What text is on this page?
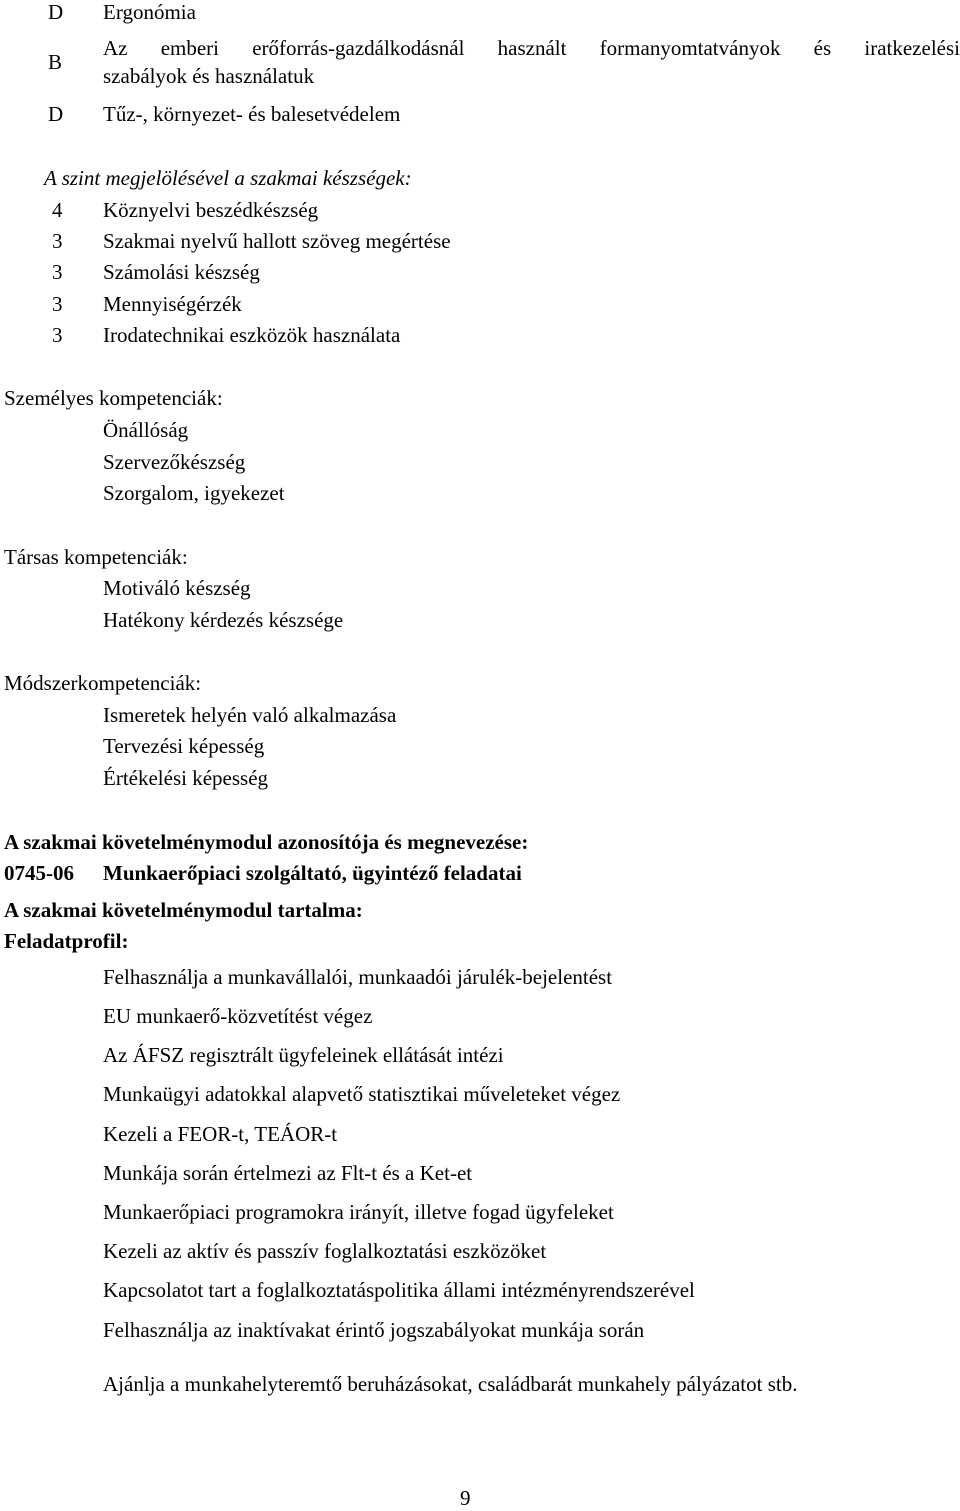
D Ergonómia
B
Az emberi erőforrás-gazdálkodásnál használt formanyomtatványok és iratkezelési
szabályok és használatuk
D Tűz-, környezet- és balesetvédelem
A szint megjelölésével a szakmai készségek:
4 Köznyelvi beszédkészség
3 Szakmai nyelvű hallott szöveg megértése
3 Számolási készség
3 Mennyiségérzék
3 Irodatechnikai eszközök használata
Személyes kompetenciák:
Önállóság
Szervezőkészség
Szorgalom, igyekezet
Társas kompetenciák:
Motiváló készség
Hatékony kérdezés készsége
Módszerkompetenciák:
Ismeretek helyén való alkalmazása
Tervezési képesség
Értékelési képesség
A szakmai követelménymodul azonosítója és megnevezése:
0745-06 Munkaerőpiaci szolgáltató, ügyintéző feladatai
A szakmai követelménymodul tartalma:
Feladatprofil:
Felhasználja a munkavállalói, munkaadói járulék-bejelentést
EU munkaerő-közvetítést végez
Az ÁFSZ regisztrált ügyfeleinek ellátását intézi
Munkaügyi adatokkal alapvető statisztikai műveleteket végez
Kezeli a FEOR-t, TEÁOR-t
Munkája során értelmezi az Flt-t és a Ket-et
Munkaerőpiaci programokra irányít, illetve fogad ügyfeleket
Kezeli az aktív és passzív foglalkoztatási eszközöket
Kapcsolatot tart a foglalkoztatáspolitika állami intézményrendszerével
Felhasználja az inaktívakat érintő jogszabályokat munkája során
Ajánlja a munkahelyteremtő beruházásokat, családbarát munkahely pályázatot stb.
9
